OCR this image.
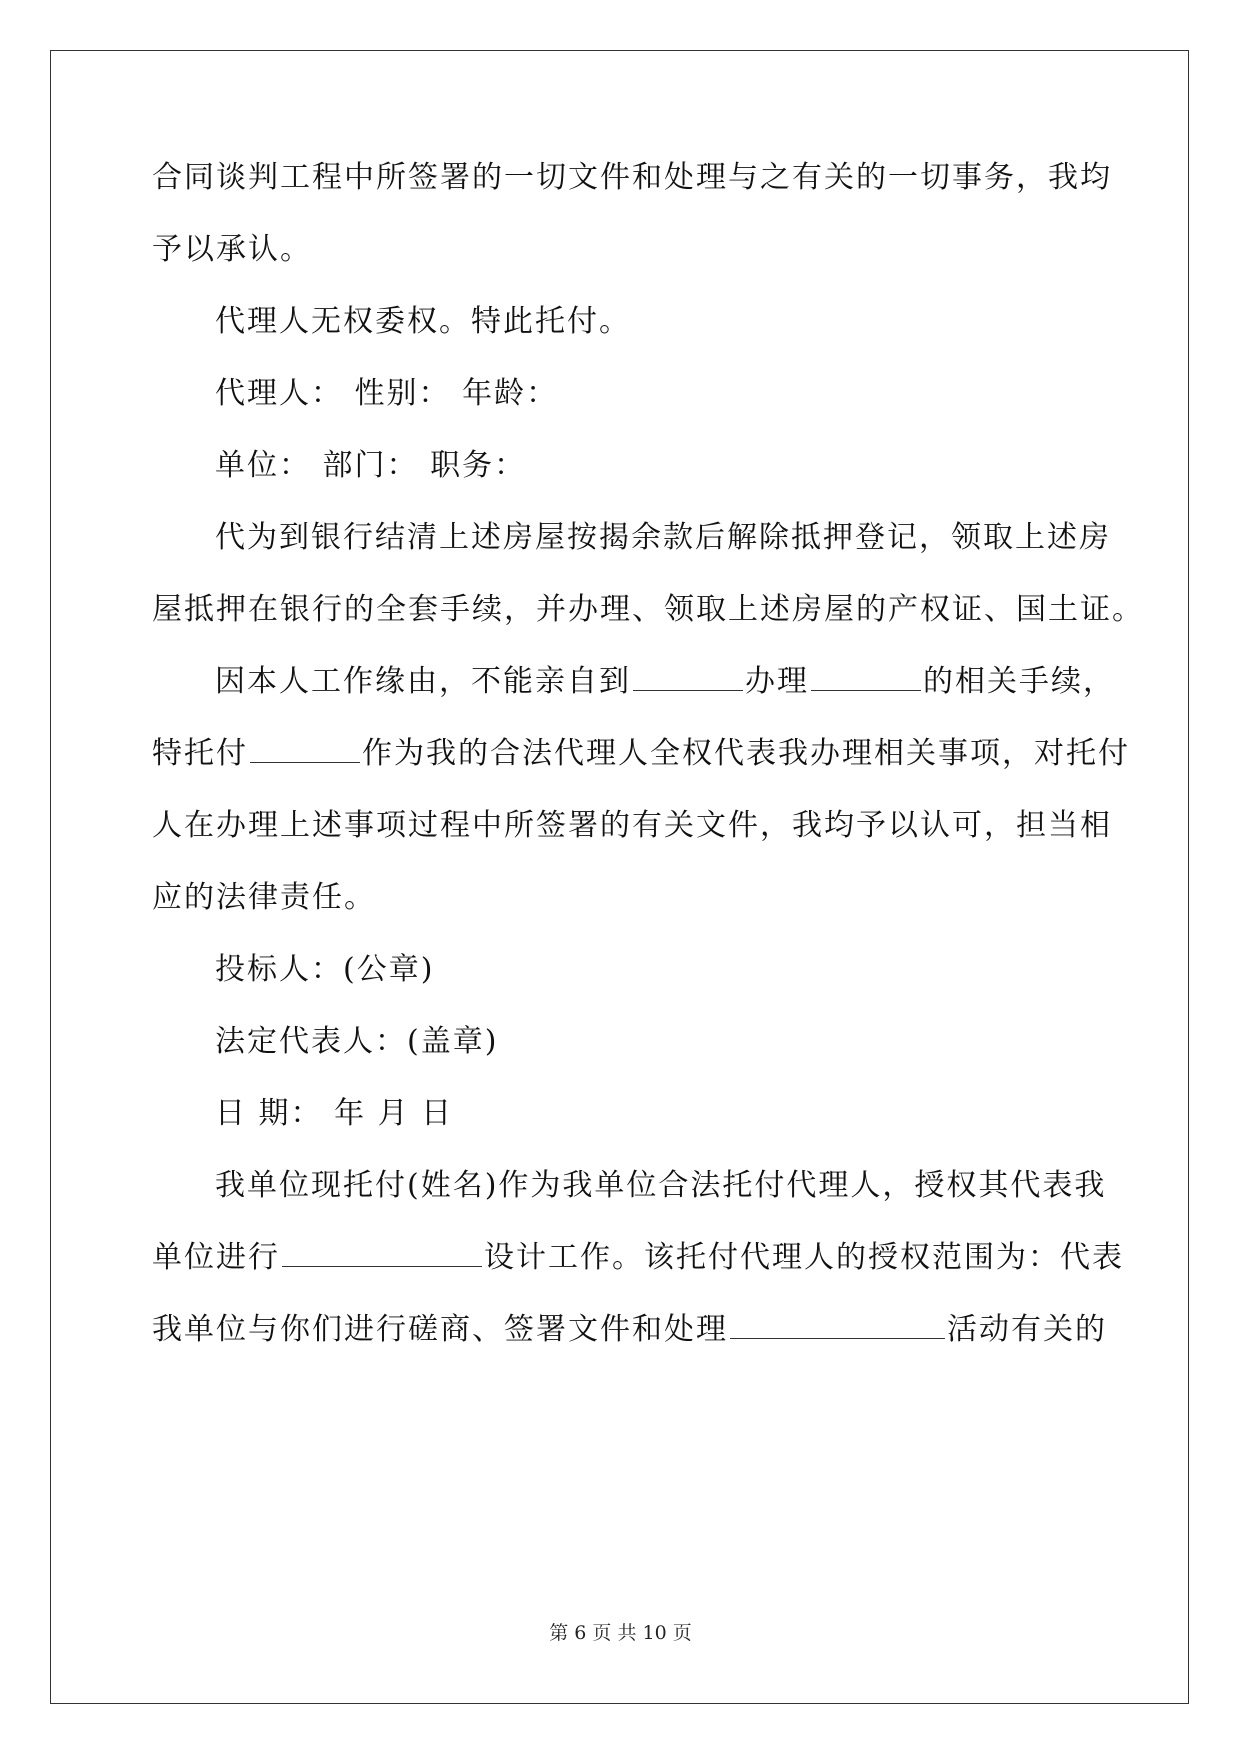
合同谈判工程中所签署的一切文件和处理与之有关的一切事务，我均
予以承认。
代理人无权委权。特此托付。
代理人： 性别： 年龄：
单位： 部门： 职务：
代为到银行结清上述房屋按揭余款后解除抵押登记，领取上述房
屋抵押在银行的全套手续，并办理、领取上述房屋的产权证、国土证。
因本人工作缘由，不能亲自到	办理	的相关手续，
特托付	作为我的合法代理人全权代表我办理相关事项，对托付
人在办理上述事项过程中所签署的有关文件，我均予以认可，担当相
应的法律责任。
投标人：(公章)
法定代表人：(盖章)
日 期： 年 月 日
我单位现托付(姓名)作为我单位合法托付代理人，授权其代表我
单位进行	设计工作。该托付代理人的授权范围为：代表
我单位与你们进行磋商、签署文件和处理	活动有关的
第 6 页 共 10 页
